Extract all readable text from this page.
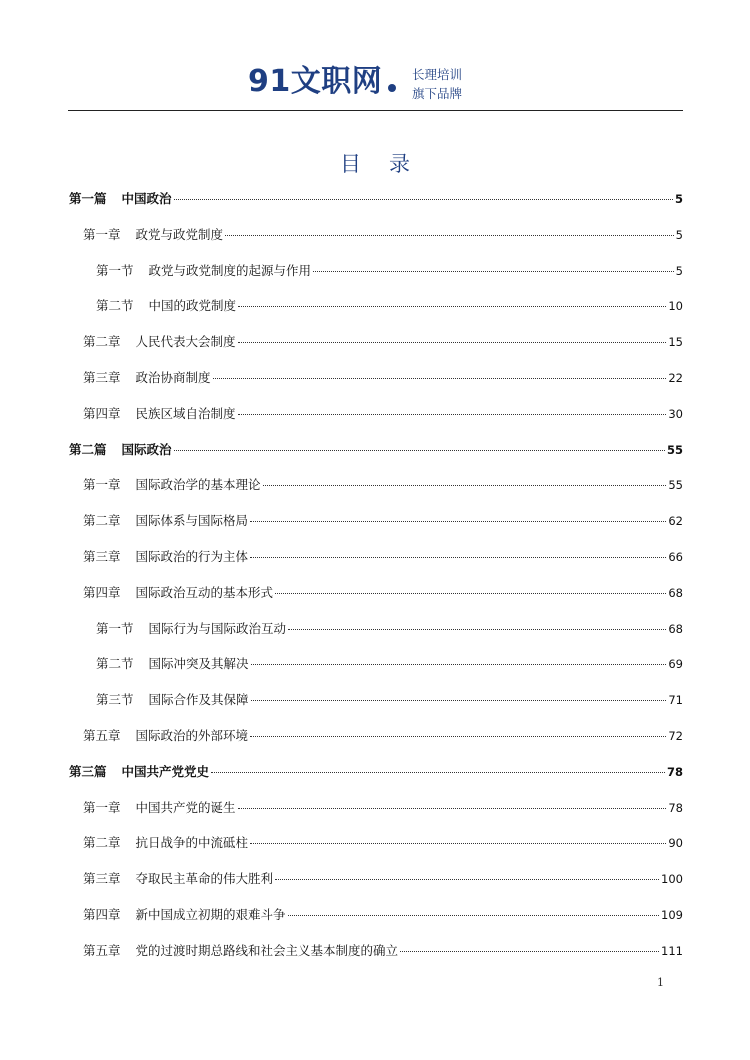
91文职网 长理培训
旗下品牌
目录
第一篇 中国政治	5
第一章 政党与政党制度	5
第一节 政党与政党制度的起源与作用	5
第二节 中国的政党制度	10
第二章 人民代表大会制度	15
第三章 政治协商制度	22
第四章 民族区域自治制度	30
第二篇 国际政治	55
第一章 国际政治学的基本理论	55
第二章 国际体系与国际格局	62
第三章 国际政治的行为主体	66
第四章 国际政治互动的基本形式	68
第一节 国际行为与国际政治互动	68
第二节 国际冲突及其解决	69
第三节 国际合作及其保障	71
第五章 国际政治的外部环境	72
第三篇 中国共产党党史	78
第一章 中国共产党的诞生	78
第二章 抗日战争的中流砥柱	90
第三章 夺取民主革命的伟大胜利	100
第四章 新中国成立初期的艰难斗争	109
第五章 党的过渡时期总路线和社会主义基本制度的确立	111
1
